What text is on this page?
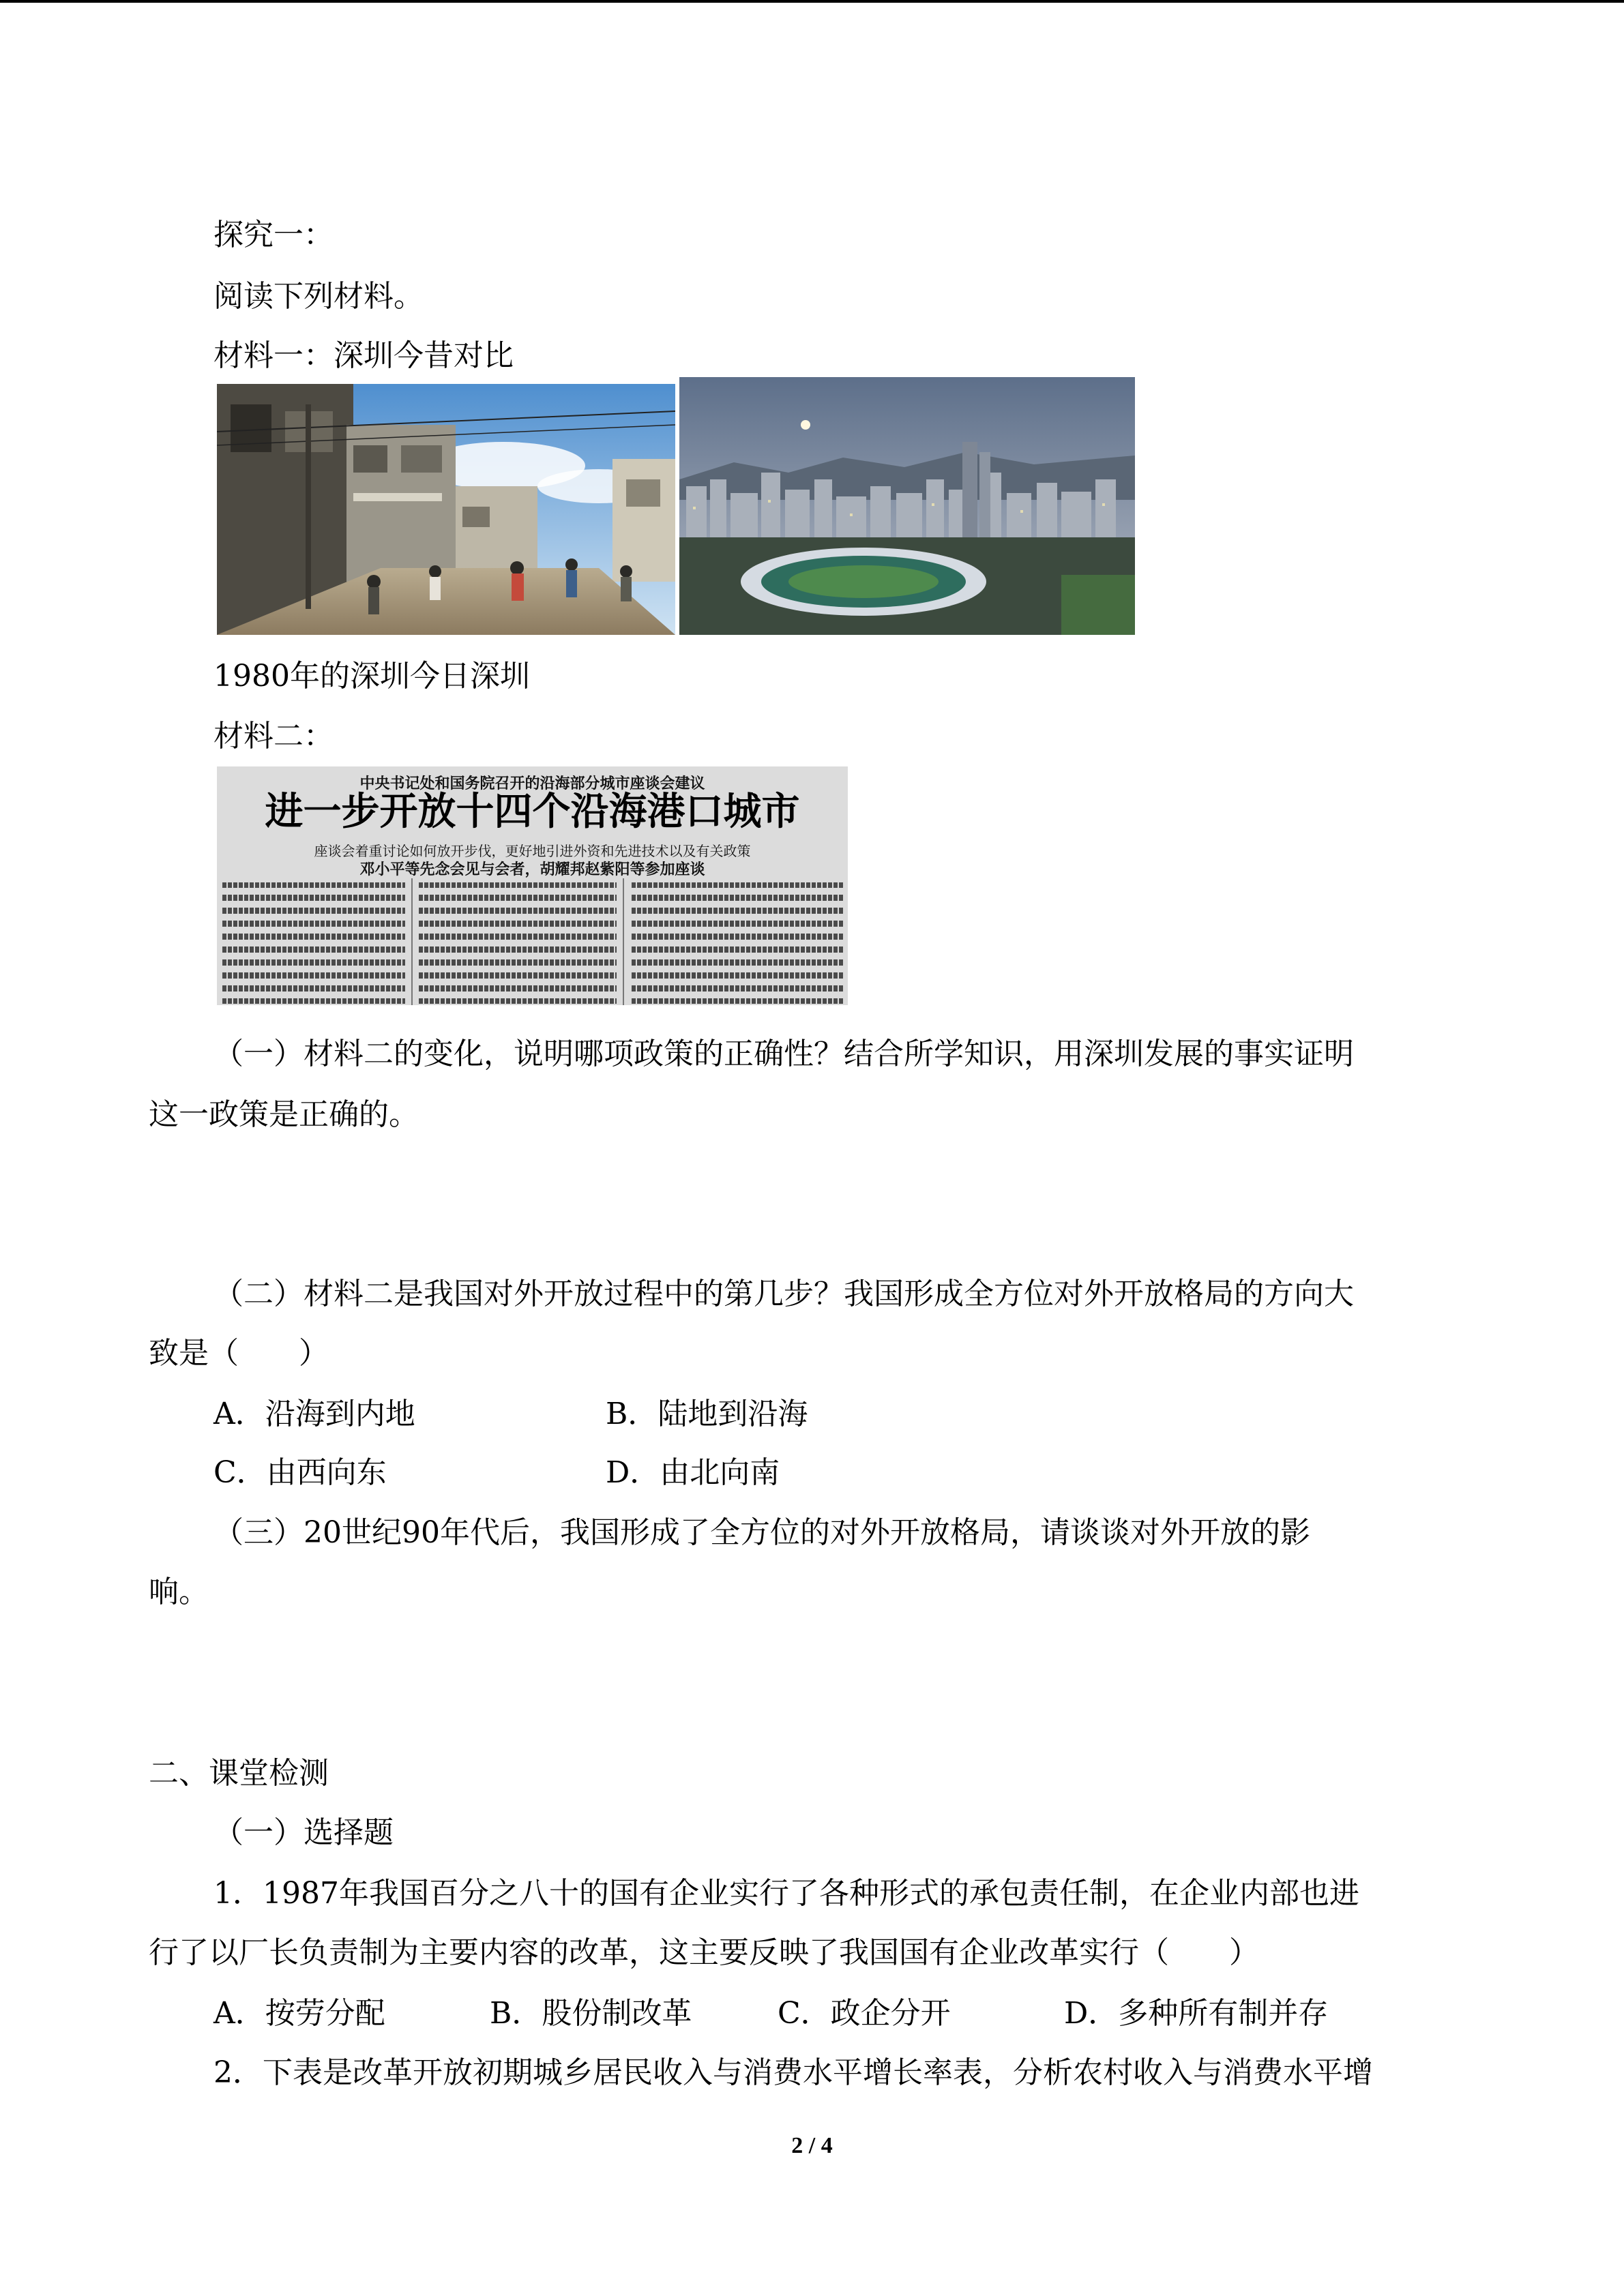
探究一：
阅读下列材料。
材料一：深圳今昔对比
1980年的深圳今日深圳
材料二：
中央书记处和国务院召开的沿海部分城市座谈会建议
进一步开放十四个沿海港口城市
座谈会着重讨论如何放开步伐，更好地引进外资和先进技术以及有关政策
邓小平等先念会见与会者，胡耀邦赵紫阳等参加座谈
（一）材料二的变化，说明哪项政策的正确性？结合所学知识，用深圳发展的事实证明
这一政策是正确的。
（二）材料二是我国对外开放过程中的第几步？我国形成全方位对外开放格局的方向大
致是（　　）
A．沿海到内地	B．陆地到沿海
C．由西向东	D．由北向南
（三）20世纪90年代后，我国形成了全方位的对外开放格局，请谈谈对外开放的影
响。
二、课堂检测
（一）选择题
1．1987年我国百分之八十的国有企业实行了各种形式的承包责任制，在企业内部也进
行了以厂长负责制为主要内容的改革，这主要反映了我国国有企业改革实行（　　）
A．按劳分配	B．股份制改革	C．政企分开	D．多种所有制并存
2．下表是改革开放初期城乡居民收入与消费水平增长率表，分析农村收入与消费水平增
2 / 4
